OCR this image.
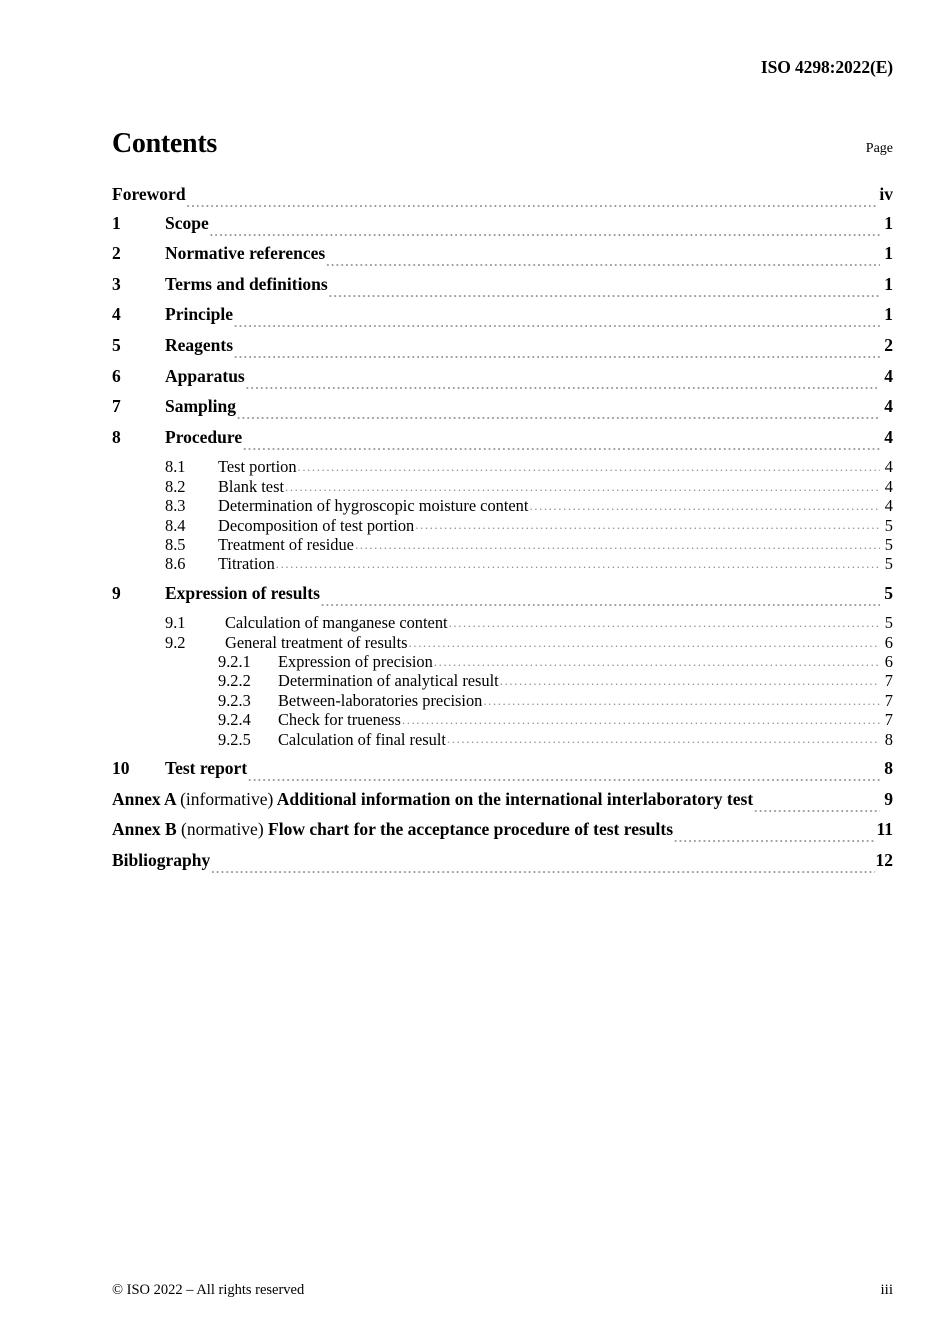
ISO 4298:2022(E)
Contents	Page
Foreword .....	iv
1	Scope .....	1
2	Normative references .....	1
3	Terms and definitions .....	1
4	Principle .....	1
5	Reagents .....	2
6	Apparatus .....	4
7	Sampling .....	4
8	Procedure .....	4
8.1	Test portion .....	4
8.2	Blank test .....	4
8.3	Determination of hygroscopic moisture content .....	4
8.4	Decomposition of test portion .....	5
8.5	Treatment of residue .....	5
8.6	Titration .....	5
9	Expression of results .....	5
9.1	Calculation of manganese content .....	5
9.2	General treatment of results .....	6
9.2.1	Expression of precision .....	6
9.2.2	Determination of analytical result .....	7
9.2.3	Between-laboratories precision .....	7
9.2.4	Check for trueness .....	7
9.2.5	Calculation of final result .....	8
10	Test report .....	8
Annex A (informative) Additional information on the international interlaboratory test .....	9
Annex B (normative) Flow chart for the acceptance procedure of test results .....	11
Bibliography .....	12
© ISO 2022 – All rights reserved	iii
